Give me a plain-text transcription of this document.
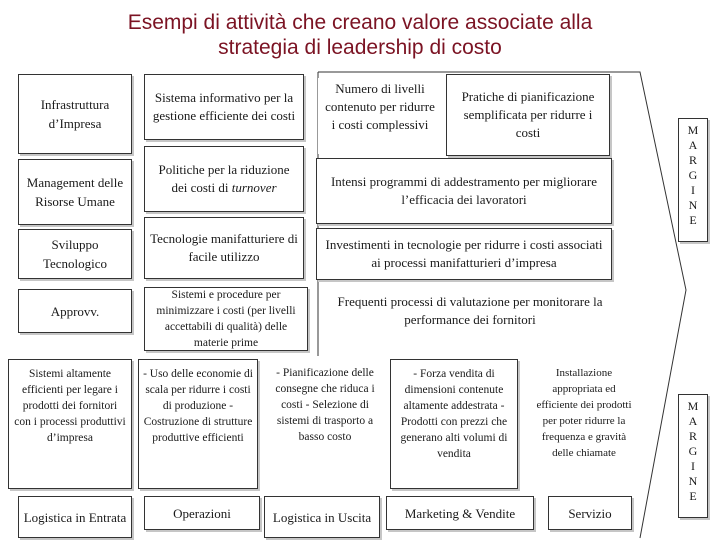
Esempi di attività che creano valore associate alla
strategia di leadership di costo
Infrastruttura d’Impresa
Management delle Risorse Umane
Sviluppo Tecnologico
Approvv.
Sistema informativo per la gestione efficiente dei costi
Politiche per la riduzione dei costi di turnover
Tecnologie manifatturiere di facile utilizzo
Sistemi e procedure per minimizzare i costi (per livelli accettabili di qualità) delle materie prime
Numero di livelli contenuto per ridurre i costi complessivi
Pratiche di pianificazione semplificata per ridurre i costi
Intensi programmi di addestramento per migliorare l’efficacia dei lavoratori
Investimenti in tecnologie per ridurre i costi associati ai processi manifatturieri d’impresa
Frequenti processi di valutazione per monitorare la performance dei fornitori
Sistemi altamente efficienti per legare i prodotti dei fornitori con i processi produttivi d’impresa
- Uso delle economie di scala per ridurre i costi di produzione - Costruzione di strutture produttive efficienti
- Pianificazione delle consegne che riduca i costi - Selezione di sistemi di trasporto a basso costo
- Forza vendita di dimensioni contenute altamente addestrata - Prodotti con prezzi che generano alti volumi di vendita
Installazione appropriata ed efficiente dei prodotti per poter ridurre la frequenza e gravità delle chiamate
Logistica in Entrata	Operazioni	Logistica in Uscita	Marketing & Vendite	Servizio
M
A
R
G
I
N
E
M
A
R
G
I
N
E
